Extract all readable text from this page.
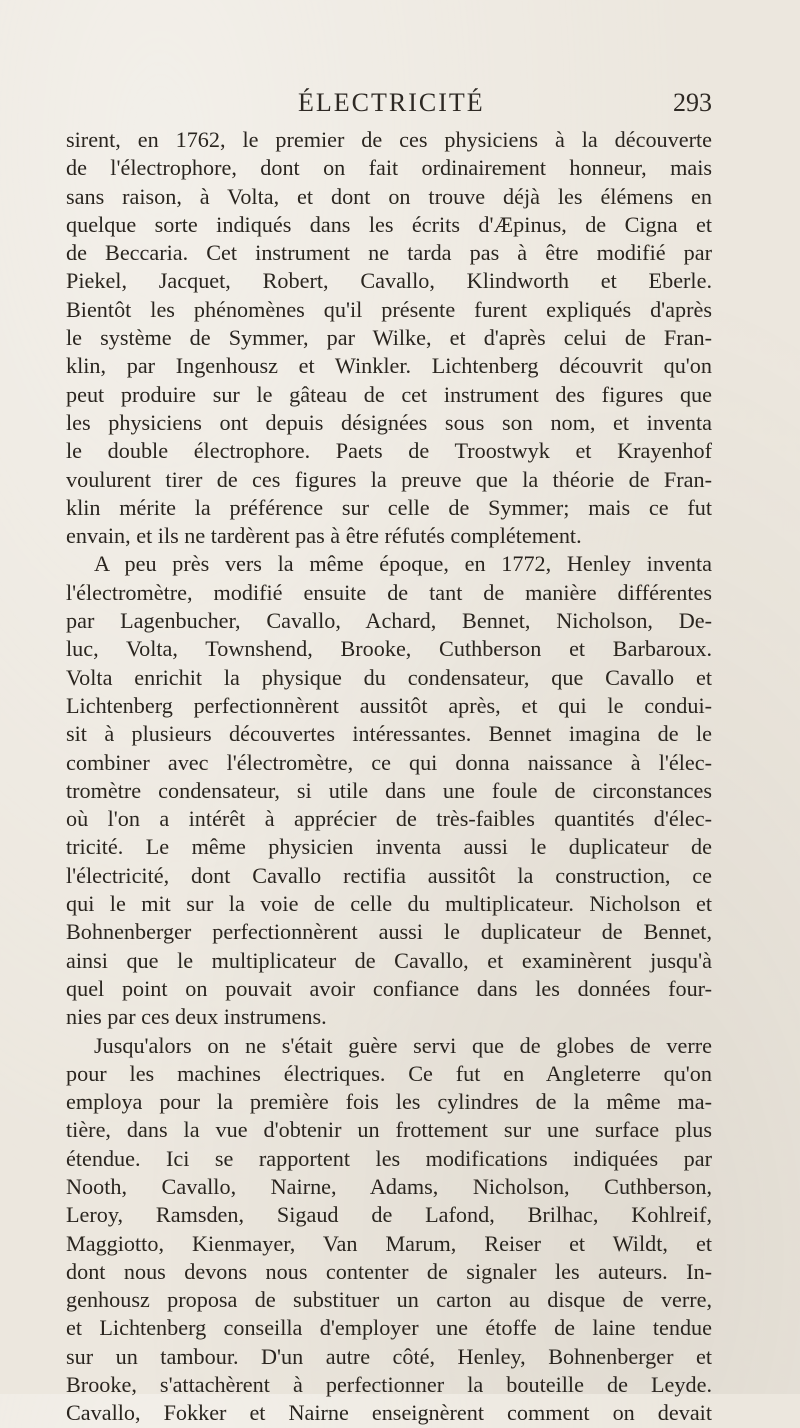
ÉLECTRICITÉ	293
sirent, en 1762, le premier de ces physiciens à la découverte
de l'électrophore, dont on fait ordinairement honneur, mais
sans raison, à Volta, et dont on trouve déjà les élémens en
quelque sorte indiqués dans les écrits d'Æpinus, de Cigna et
de Beccaria. Cet instrument ne tarda pas à être modifié par
Piekel, Jacquet, Robert, Cavallo, Klindworth et Eberle.
Bientôt les phénomènes qu'il présente furent expliqués d'après
le système de Symmer, par Wilke, et d'après celui de Fran-
klin, par Ingenhousz et Winkler. Lichtenberg découvrit qu'on
peut produire sur le gâteau de cet instrument des figures que
les physiciens ont depuis désignées sous son nom, et inventa
le double électrophore. Paets de Troostwyk et Krayenhof
voulurent tirer de ces figures la preuve que la théorie de Fran-
klin mérite la préférence sur celle de Symmer; mais ce fut
envain, et ils ne tardèrent pas à être réfutés complétement.
A peu près vers la même époque, en 1772, Henley inventa
l'électromètre, modifié ensuite de tant de manière différentes
par Lagenbucher, Cavallo, Achard, Bennet, Nicholson, De-
luc, Volta, Townshend, Brooke, Cuthberson et Barbaroux.
Volta enrichit la physique du condensateur, que Cavallo et
Lichtenberg perfectionnèrent aussitôt après, et qui le condui-
sit à plusieurs découvertes intéressantes. Bennet imagina de le
combiner avec l'électromètre, ce qui donna naissance à l'élec-
tromètre condensateur, si utile dans une foule de circonstances
où l'on a intérêt à apprécier de très-faibles quantités d'élec-
tricité. Le même physicien inventa aussi le duplicateur de
l'électricité, dont Cavallo rectifia aussitôt la construction, ce
qui le mit sur la voie de celle du multiplicateur. Nicholson et
Bohnenberger perfectionnèrent aussi le duplicateur de Bennet,
ainsi que le multiplicateur de Cavallo, et examinèrent jusqu'à
quel point on pouvait avoir confiance dans les données four-
nies par ces deux instrumens.
Jusqu'alors on ne s'était guère servi que de globes de verre
pour les machines électriques. Ce fut en Angleterre qu'on
employa pour la première fois les cylindres de la même ma-
tière, dans la vue d'obtenir un frottement sur une surface plus
étendue. Ici se rapportent les modifications indiquées par
Nooth, Cavallo, Nairne, Adams, Nicholson, Cuthberson,
Leroy, Ramsden, Sigaud de Lafond, Brilhac, Kohlreif,
Maggiotto, Kienmayer, Van Marum, Reiser et Wildt, et
dont nous devons nous contenter de signaler les auteurs. In-
genhousz proposa de substituer un carton au disque de verre,
et Lichtenberg conseilla d'employer une étoffe de laine tendue
sur un tambour. D'un autre côté, Henley, Bohnenberger et
Brooke, s'attachèrent à perfectionner la bouteille de Leyde.
Cavallo, Fokker et Nairne enseignèrent comment on devait
